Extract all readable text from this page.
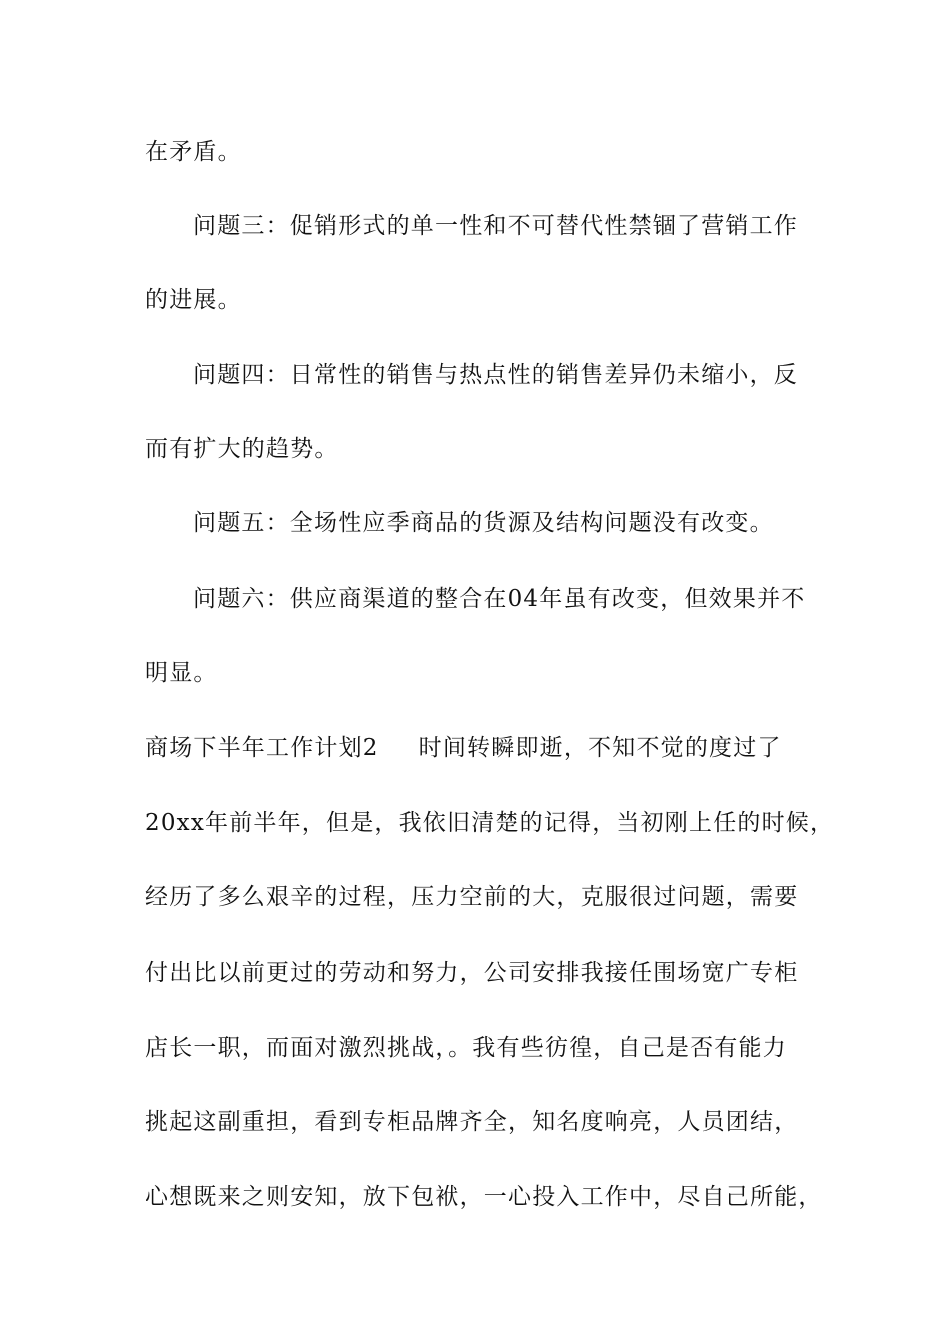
在矛盾。
问题三：促销形式的单一性和不可替代性禁锢了营销工作
的进展。
问题四：日常性的销售与热点性的销售差异仍未缩小，反
而有扩大的趋势。
问题五：全场性应季商品的货源及结构问题没有改变。
问题六：供应商渠道的整合在04年虽有改变，但效果并不
明显。
商场下半年工作计划2 时间转瞬即逝，不知不觉的度过了
20xx年前半年，但是，我依旧清楚的记得，当初刚上任的时候，
经历了多么艰辛的过程，压力空前的大，克服很过问题，需要
付出比以前更过的劳动和努力，公司安排我接任围场宽广专柜
店长一职，而面对激烈挑战，。我有些彷徨，自己是否有能力
挑起这副重担，看到专柜品牌齐全，知名度响亮，人员团结，
心想既来之则安知，放下包袱，一心投入工作中，尽自己所能，
